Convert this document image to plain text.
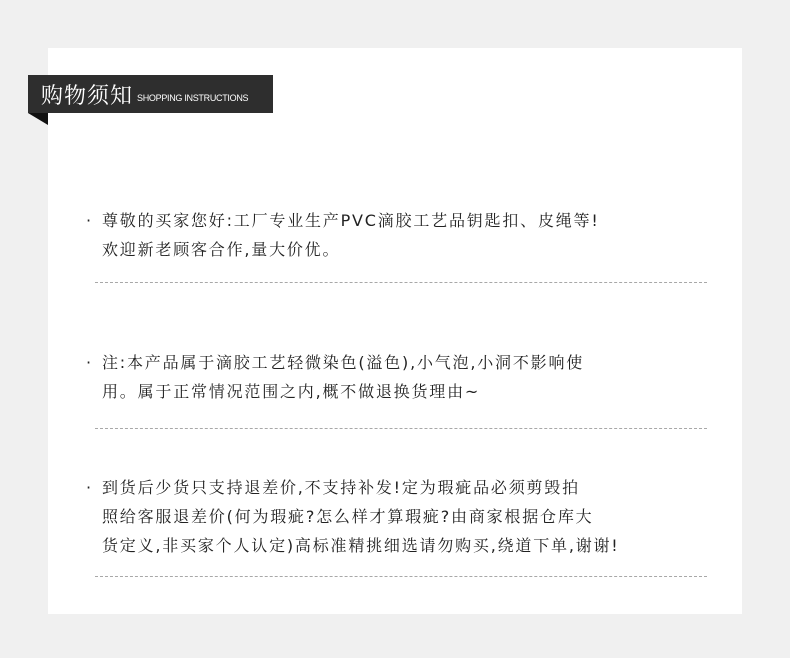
购物须知 SHOPPING INSTRUCTIONS
· 尊敬的买家您好:工厂专业生产PVC滴胶工艺品钥匙扣、皮绳等!
欢迎新老顾客合作,量大价优。
· 注:本产品属于滴胶工艺轻微染色(溢色),小气泡,小洞不影响使
用。属于正常情况范围之内,概不做退换货理由~
· 到货后少货只支持退差价,不支持补发!定为瑕疵品必须剪毁拍
照给客服退差价(何为瑕疵?怎么样才算瑕疵?由商家根据仓库大
货定义,非买家个人认定)高标准精挑细选请勿购买,绕道下单,谢谢!
